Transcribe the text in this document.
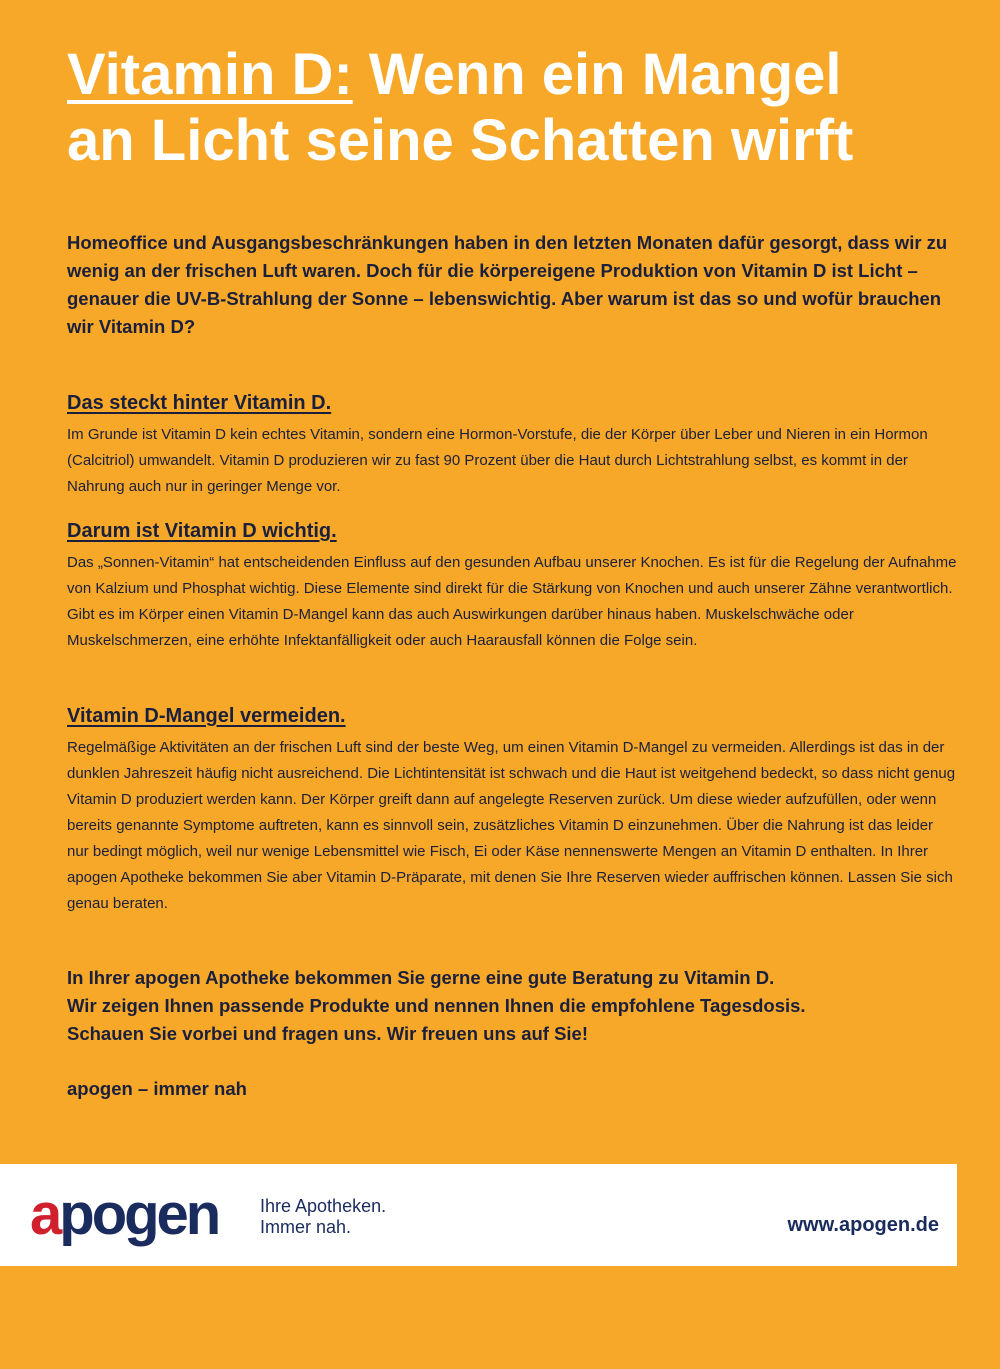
Vitamin D: Wenn ein Mangel
an Licht seine Schatten wirft

Homeoffice und Ausgangsbeschränkungen haben in den letzten Monaten dafür gesorgt, dass wir zu wenig an der frischen Luft waren. Doch für die körpereigene Produktion von Vitamin D ist Licht – genauer die UV-B-Strahlung der Sonne – lebenswichtig. Aber warum ist das so und wofür brauchen wir Vitamin D?

Das steckt hinter Vitamin D.

Im Grunde ist Vitamin D kein echtes Vitamin, sondern eine Hormon-Vorstufe, die der Körper über Leber und Nieren in ein Hormon (Calcitriol) umwandelt. Vitamin D produzieren wir zu fast 90 Prozent über die Haut durch Lichtstrahlung selbst, es kommt in der Nahrung auch nur in geringer Menge vor.

Darum ist Vitamin D wichtig.

Das „Sonnen-Vitamin“ hat entscheidenden Einfluss auf den gesunden Aufbau unserer Knochen. Es ist für die Regelung der Aufnahme von Kalzium und Phosphat wichtig. Diese Elemente sind direkt für die Stärkung von Knochen und auch unserer Zähne verantwortlich. Gibt es im Körper einen Vitamin D-Mangel kann das auch Auswirkungen darüber hinaus haben. Muskelschwäche oder Muskelschmerzen, eine erhöhte Infektanfälligkeit oder auch Haarausfall können die Folge sein.

Vitamin D-Mangel vermeiden.

Regelmäßige Aktivitäten an der frischen Luft sind der beste Weg, um einen Vitamin D-Mangel zu vermeiden. Allerdings ist das in der dunklen Jahreszeit häufig nicht ausreichend. Die Lichtintensität ist schwach und die Haut ist weitgehend bedeckt, so dass nicht genug Vitamin D produziert werden kann. Der Körper greift dann auf angelegte Reserven zurück. Um diese wieder aufzufüllen, oder wenn bereits genannte Symptome auftreten, kann es sinnvoll sein, zusätzliches Vitamin D einzunehmen. Über die Nahrung ist das leider nur bedingt möglich, weil nur wenige Lebensmittel wie Fisch, Ei oder Käse nennenswerte Mengen an Vitamin D enthalten. In Ihrer apogen Apotheke bekommen Sie aber Vitamin D-Präparate, mit denen Sie Ihre Reserven wieder auffrischen können. Lassen Sie sich genau beraten.

In Ihrer apogen Apotheke bekommen Sie gerne eine gute Beratung zu Vitamin D.
Wir zeigen Ihnen passende Produkte und nennen Ihnen die empfohlene Tagesdosis.
Schauen Sie vorbei und fragen uns. Wir freuen uns auf Sie!

apogen – immer nah

apogen Ihre Apotheken.
Immer nah.	www.apogen.de
